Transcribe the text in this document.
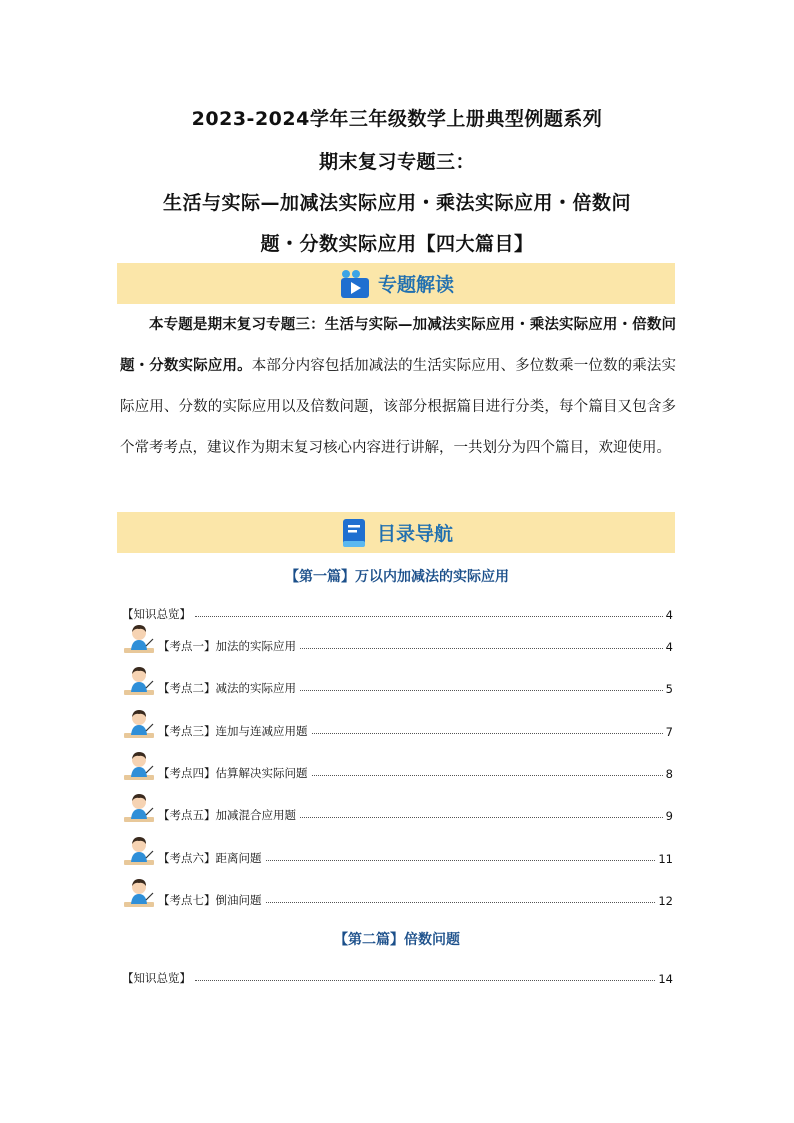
2023-2024学年三年级数学上册典型例题系列
期末复习专题三：
生活与实际—加减法实际应用・乘法实际应用・倍数问
题・分数实际应用【四大篇目】
专题解读
本专题是期末复习专题三：生活与实际—加减法实际应用・乘法实际应用・倍数问题・分数实际应用。本部分内容包括加减法的生活实际应用、多位数乘一位数的乘法实际应用、分数的实际应用以及倍数问题，该部分根据篇目进行分类，每个篇目又包含多个常考考点，建议作为期末复习核心内容进行讲解，一共划分为四个篇目，欢迎使用。
目录导航
【第一篇】万以内加减法的实际应用
【知识总览】	4
【考点一】加法的实际应用	4
【考点二】减法的实际应用	5
【考点三】连加与连减应用题	7
【考点四】估算解决实际问题	8
【考点五】加减混合应用题	9
【考点六】距离问题	11
【考点七】倒油问题	12
【第二篇】倍数问题
【知识总览】	14
